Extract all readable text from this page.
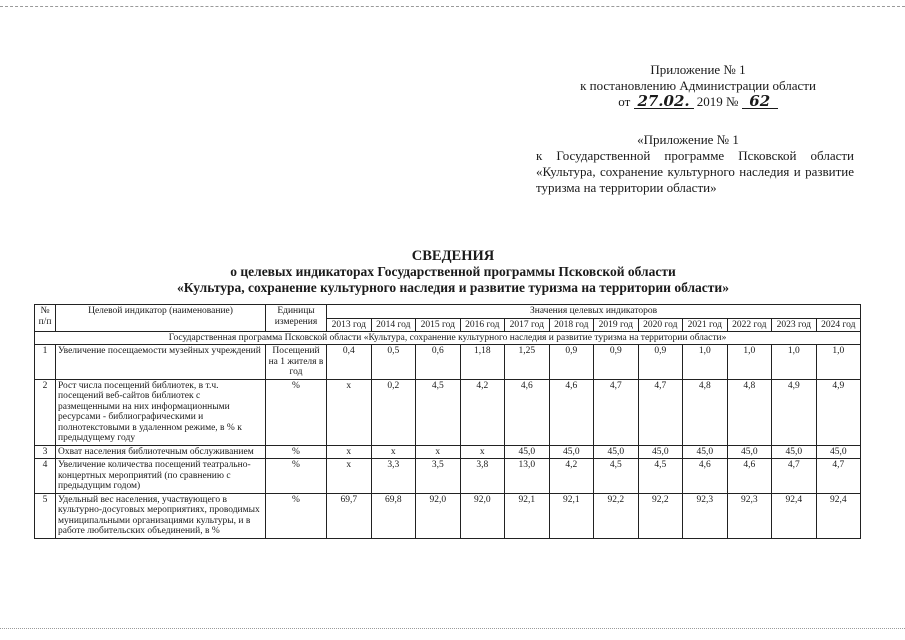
Приложение № 1
к постановлению Администрации области
от 27.02. 2019 № 62
«Приложение № 1
к Государственной программе Псковской области «Культура, сохранение культурного наследия и развитие туризма на территории области»
СВЕДЕНИЯ
о целевых индикаторах Государственной программы Псковской области
«Культура, сохранение культурного наследия и развитие туризма на территории области»
№ п/п	Целевой индикатор (наименование)	Единицы измерения	Значения целевых индикаторов											
			2013 год	2014 год	2015 год	2016 год	2017 год	2018 год	2019 год	2020 год	2021 год	2022 год	2023 год	2024 год
Государственная программа Псковской области «Культура, сохранение культурного наследия и развитие туризма на территории области»														
1	Увеличение посещаемости музейных учреждений	Посещений на 1 жителя в год	0,4	0,5	0,6	1,18	1,25	0,9	0,9	0,9	1,0	1,0	1,0	1,0
2	Рост числа посещений библиотек, в т.ч. посещений веб-сайтов библиотек с размещенными на них информационными ресурсами - библиографическими и полнотекстовыми в удаленном режиме, в % к предыдущему году	%	х	0,2	4,5	4,2	4,6	4,6	4,7	4,7	4,8	4,8	4,9	4,9
3	Охват населения библиотечным обслуживанием	%	х	х	х	х	45,0	45,0	45,0	45,0	45,0	45,0	45,0	45,0
4	Увеличение количества посещений театрально-концертных мероприятий (по сравнению с предыдущим годом)	%	х	3,3	3,5	3,8	13,0	4,2	4,5	4,5	4,6	4,6	4,7	4,7
5	Удельный вес населения, участвующего в культурно-досуговых мероприятиях, проводимых муниципальными организациями культуры, и в работе любительских объединений, в %	%	69,7	69,8	92,0	92,0	92,1	92,1	92,2	92,2	92,3	92,3	92,4	92,4
